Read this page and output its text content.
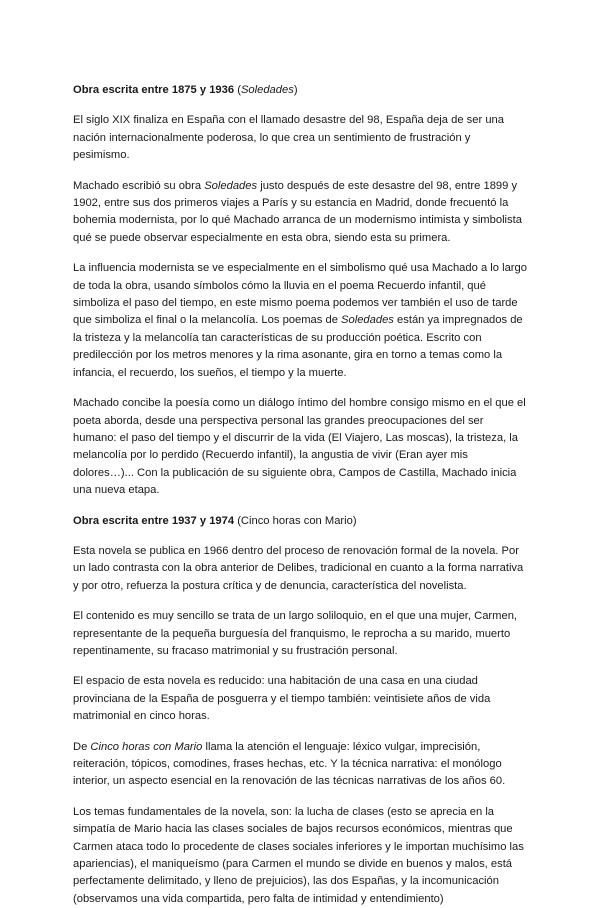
Obra escrita entre 1875 y 1936 (Soledades)

El siglo XIX finaliza en España con el llamado desastre del 98, España deja de ser una nación internacionalmente poderosa, lo que crea un sentimiento de frustración y pesimismo.

Machado escribió su obra Soledades justo después de este desastre del 98, entre 1899 y 1902, entre sus dos primeros viajes a París y su estancia en Madrid, donde frecuentó la bohemia modernista, por lo qué Machado arranca de un modernismo intimista y simbolista qué se puede observar especialmente en esta obra, siendo esta su primera.

La influencia modernista se ve especialmente en el simbolismo qué usa Machado a lo largo de toda la obra, usando símbolos cómo la lluvia en el poema Recuerdo infantil, qué simboliza el paso del tiempo, en este mismo poema podemos ver también el uso de tarde que simboliza el final o la melancolía. Los poemas de Soledades están ya impregnados de la tristeza y la melancolía tan características de su producción poética. Escrito con predilección por los metros menores y la rima asonante, gira en torno a temas como la infancia, el recuerdo, los sueños, el tiempo y la muerte.

Machado concibe la poesía como un diálogo íntimo del hombre consigo mismo en el que el poeta aborda, desde una perspectiva personal las grandes preocupaciones del ser humano: el paso del tiempo y el discurrir de la vida (El Viajero, Las moscas), la tristeza, la melancolía por lo perdido (Recuerdo infantil), la angustia de vivir (Eran ayer mis dolores…)... Con la publicación de su siguiente obra, Campos de Castilla, Machado inicia una nueva etapa.

Obra escrita entre 1937 y 1974 (Cinco horas con Mario)

Esta novela se publica en 1966 dentro del proceso de renovación formal de la novela. Por un lado contrasta con la obra anterior de Delibes, tradicional en cuanto a la forma narrativa y por otro, refuerza la postura crítica y de denuncia, característica del novelista.

El contenido es muy sencillo se trata de un largo soliloquio, en el que una mujer, Carmen, representante de la pequeña burguesía del franquismo, le reprocha a su marido, muerto repentinamente, su fracaso matrimonial y su frustración personal.

El espacio de esta novela es reducido: una habitación de una casa en una ciudad provinciana de la España de posguerra y el tiempo también: veintisiete años de vida matrimonial en cinco horas.

De Cinco horas con Mario llama la atención el lenguaje: léxico vulgar, imprecisión, reiteración, tópicos, comodines, frases hechas, etc. Y la técnica narrativa: el monólogo interior, un aspecto esencial en la renovación de las técnicas narrativas de los años 60.

Los temas fundamentales de la novela, son: la lucha de clases (esto se aprecia en la simpatía de Mario hacia las clases sociales de bajos recursos económicos, mientras que Carmen ataca todo lo procedente de clases sociales inferiores y le importan muchísimo las apariencias), el maniqueísmo (para Carmen el mundo se divide en buenos y malos, está perfectamente delimitado, y lleno de prejuicios), las dos Españas, y la incomunicación (observamos una vida compartida, pero falta de intimidad y entendimiento)
